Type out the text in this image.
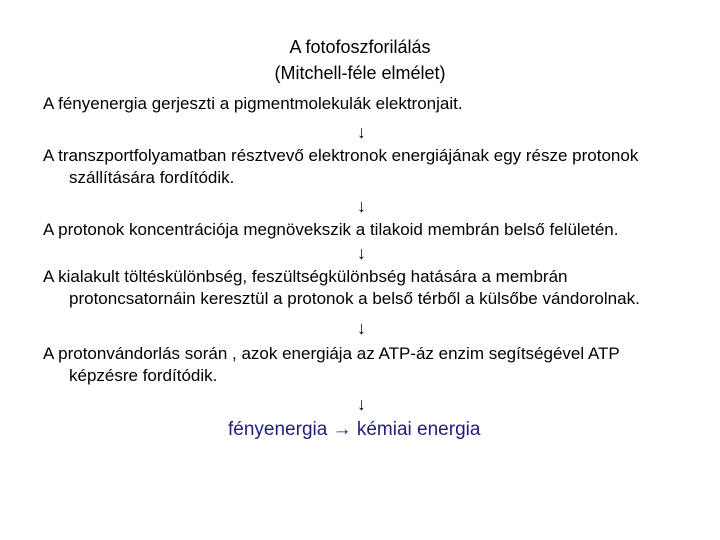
A fotofoszforilálás
(Mitchell-féle elmélet)
A fényenergia gerjeszti a pigmentmolekulák elektronjait.
↓
A transzportfolyamatban résztvevő elektronok energiájának egy része protonok szállítására fordítódik.
↓
A protonok koncentrációja megnövekszik a tilakoid membrán belső felületén.
↓
A kialakult töltéskülönbség, feszültségkülönbség hatására a membrán protoncsatornáin keresztül a protonok a belső térből a külsőbe vándorolnak.
↓
A protonvándorlás során , azok energiája az ATP-áz enzim segítségével ATP képzésre fordítódik.
↓
fényenergia → kémiai energia
